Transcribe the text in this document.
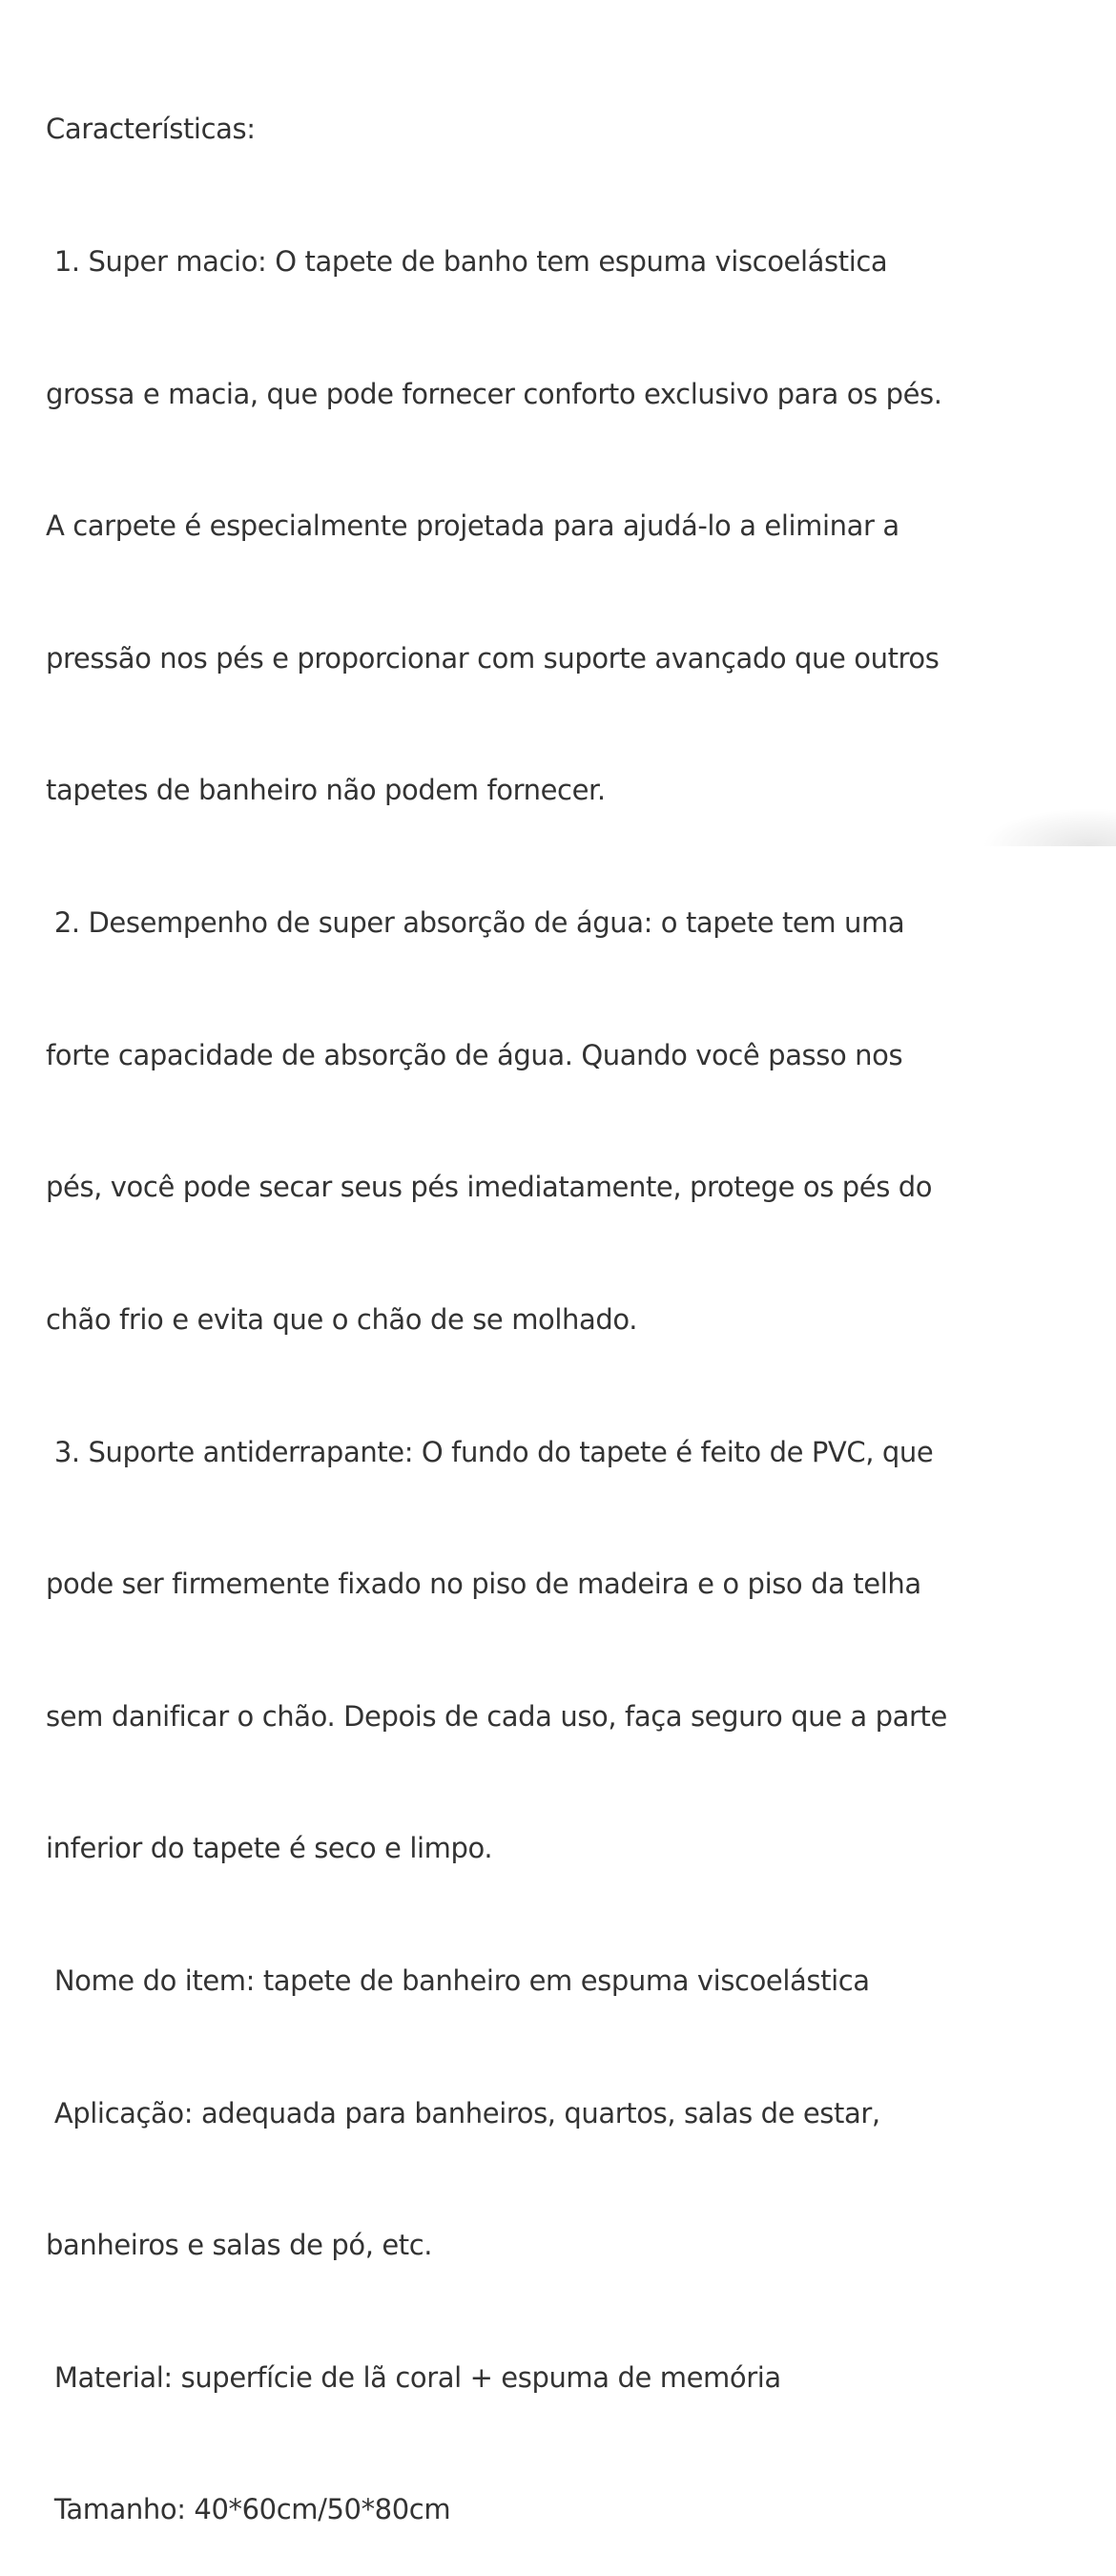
Características:

1. Super macio: O tapete de banho tem espuma viscoelástica

grossa e macia, que pode fornecer conforto exclusivo para os pés.

A carpete é especialmente projetada para ajudá-lo a eliminar a

pressão nos pés e proporcionar com suporte avançado que outros

tapetes de banheiro não podem fornecer.

2. Desempenho de super absorção de água: o tapete tem uma

forte capacidade de absorção de água. Quando você passo nos

pés, você pode secar seus pés imediatamente, protege os pés do

chão frio e evita que o chão de se molhado.

3. Suporte antiderrapante: O fundo do tapete é feito de PVC, que

pode ser firmemente fixado no piso de madeira e o piso da telha

sem danificar o chão. Depois de cada uso, faça seguro que a parte

inferior do tapete é seco e limpo.

Nome do item: tapete de banheiro em espuma viscoelástica

Aplicação: adequada para banheiros, quartos, salas de estar,

banheiros e salas de pó, etc.

Material: superfície de lã coral + espuma de memória

Tamanho: 40*60cm/50*80cm
